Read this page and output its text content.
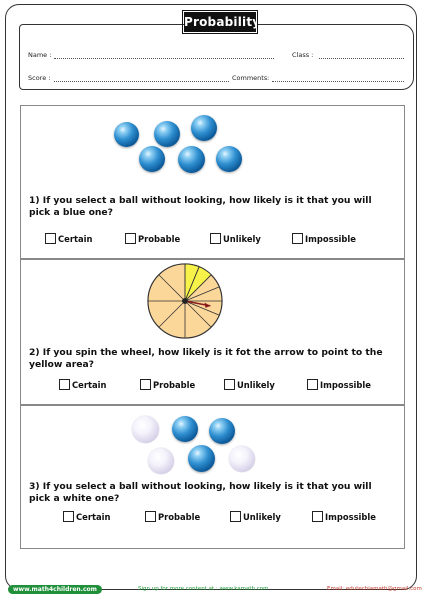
Name :	Class :
Score :	Comments :
Probability
1) If you select a ball without looking, how likely is it that you will pick a blue one?
Certain	Probable	Unlikely	Impossible
2) If you spin the wheel, how likely is it fot the arrow to point to the yellow area?
Certain	Probable	Unlikely	Impossible
3) If you select a ball without looking, how likely is it that you will pick a white one?
Certain	Probable	Unlikely	Impossible
www.math4children.com	Sign up for more content at : www.kamath.com	Email: edutechiamath@gmail.com
